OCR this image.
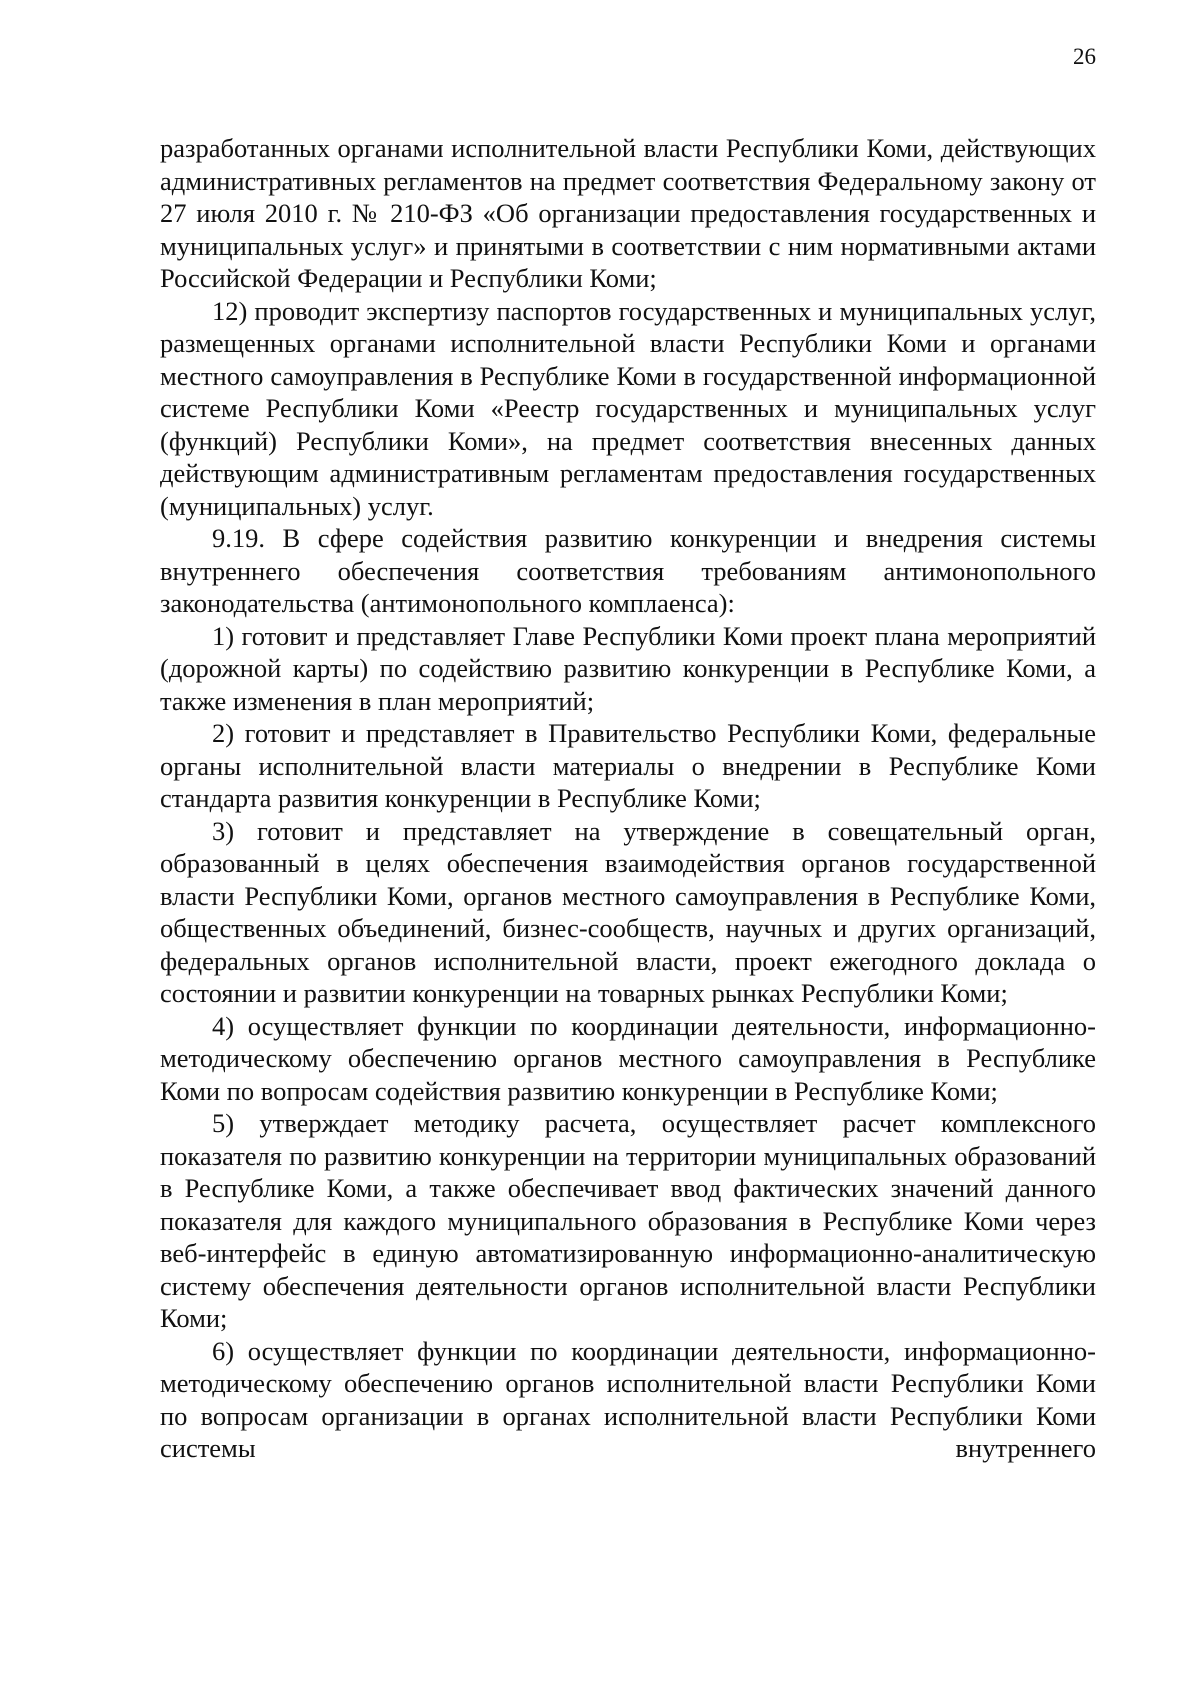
26

разработанных органами исполнительной власти Республики Коми, действующих административных регламентов на предмет соответствия Федеральному закону от 27 июля 2010 г. № 210-ФЗ «Об организации предоставления государственных и муниципальных услуг» и принятыми в соответствии с ним нормативными актами Российской Федерации и Республики Коми;

12) проводит экспертизу паспортов государственных и муниципальных услуг, размещенных органами исполнительной власти Республики Коми и органами местного самоуправления в Республике Коми в государственной информационной системе Республики Коми «Реестр государственных и муниципальных услуг (функций) Республики Коми», на предмет соответствия внесенных данных действующим административным регламентам предоставления государственных (муниципальных) услуг.

9.19. В сфере содействия развитию конкуренции и внедрения системы внутреннего обеспечения соответствия требованиям антимонопольного законодательства (антимонопольного комплаенса):

1) готовит и представляет Главе Республики Коми проект плана мероприятий (дорожной карты) по содействию развитию конкуренции в Республике Коми, а также изменения в план мероприятий;

2) готовит и представляет в Правительство Республики Коми, федеральные органы исполнительной власти материалы о внедрении в Республике Коми стандарта развития конкуренции в Республике Коми;

3) готовит и представляет на утверждение в совещательный орган, образованный в целях обеспечения взаимодействия органов государственной власти Республики Коми, органов местного самоуправления в Республике Коми, общественных объединений, бизнес-сообществ, научных и других организаций, федеральных органов исполнительной власти, проект ежегодного доклада о состоянии и развитии конкуренции на товарных рынках Республики Коми;

4) осуществляет функции по координации деятельности, информационно-методическому обеспечению органов местного самоуправления в Республике Коми по вопросам содействия развитию конкуренции в Республике Коми;

5) утверждает методику расчета, осуществляет расчет комплексного показателя по развитию конкуренции на территории муниципальных образований в Республике Коми, а также обеспечивает ввод фактических значений данного показателя для каждого муниципального образования в Республике Коми через веб-интерфейс в единую автоматизированную информационно-аналитическую систему обеспечения деятельности органов исполнительной власти Республики Коми;

6) осуществляет функции по координации деятельности, информационно-методическому обеспечению органов исполнительной власти Республики Коми по вопросам организации в органах исполнительной власти Республики Коми системы внутреннего
